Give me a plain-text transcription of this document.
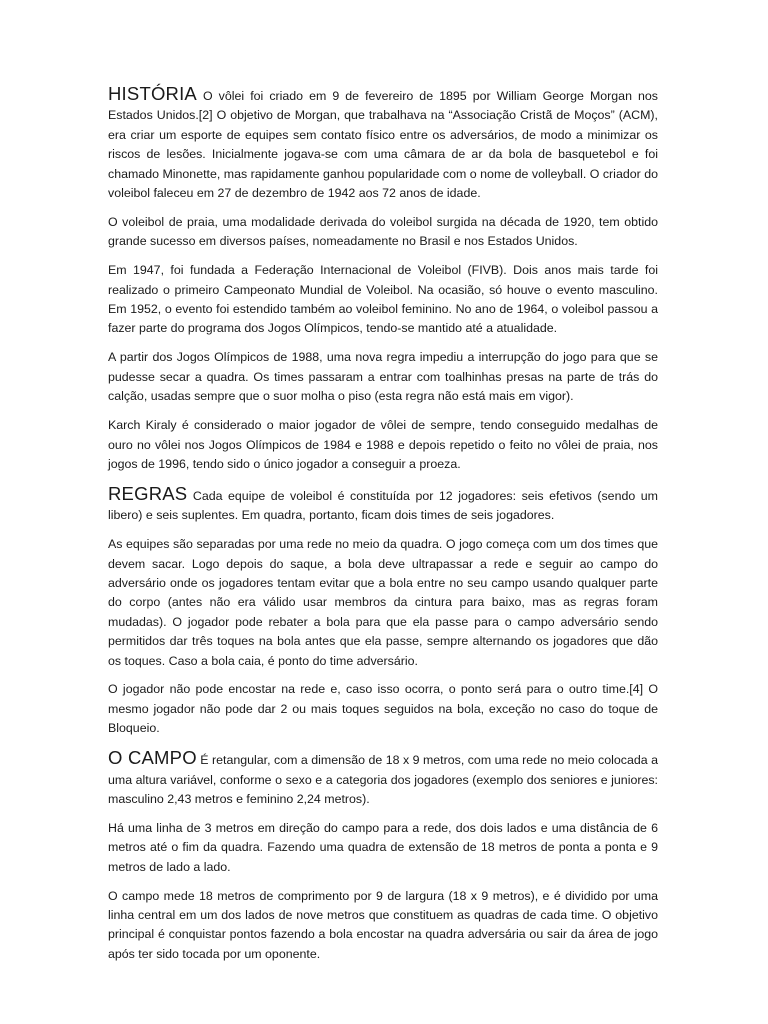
HISTÓRIA O vôlei foi criado em 9 de fevereiro de 1895 por William George Morgan nos Estados Unidos.[2] O objetivo de Morgan, que trabalhava na “Associação Cristã de Moços” (ACM), era criar um esporte de equipes sem contato físico entre os adversários, de modo a minimizar os riscos de lesões. Inicialmente jogava-se com uma câmara de ar da bola de basquetebol e foi chamado Minonette, mas rapidamente ganhou popularidade com o nome de volleyball. O criador do voleibol faleceu em 27 de dezembro de 1942 aos 72 anos de idade.

O voleibol de praia, uma modalidade derivada do voleibol surgida na década de 1920, tem obtido grande sucesso em diversos países, nomeadamente no Brasil e nos Estados Unidos.

Em 1947, foi fundada a Federação Internacional de Voleibol (FIVB). Dois anos mais tarde foi realizado o primeiro Campeonato Mundial de Voleibol. Na ocasião, só houve o evento masculino. Em 1952, o evento foi estendido também ao voleibol feminino. No ano de 1964, o voleibol passou a fazer parte do programa dos Jogos Olímpicos, tendo-se mantido até a atualidade.

A partir dos Jogos Olímpicos de 1988, uma nova regra impediu a interrupção do jogo para que se pudesse secar a quadra. Os times passaram a entrar com toalhinhas presas na parte de trás do calção, usadas sempre que o suor molha o piso (esta regra não está mais em vigor).

Karch Kiraly é considerado o maior jogador de vôlei de sempre, tendo conseguido medalhas de ouro no vôlei nos Jogos Olímpicos de 1984 e 1988 e depois repetido o feito no vôlei de praia, nos jogos de 1996, tendo sido o único jogador a conseguir a proeza.

REGRAS Cada equipe de voleibol é constituída por 12 jogadores: seis efetivos (sendo um libero) e seis suplentes. Em quadra, portanto, ficam dois times de seis jogadores.

As equipes são separadas por uma rede no meio da quadra. O jogo começa com um dos times que devem sacar. Logo depois do saque, a bola deve ultrapassar a rede e seguir ao campo do adversário onde os jogadores tentam evitar que a bola entre no seu campo usando qualquer parte do corpo (antes não era válido usar membros da cintura para baixo, mas as regras foram mudadas). O jogador pode rebater a bola para que ela passe para o campo adversário sendo permitidos dar três toques na bola antes que ela passe, sempre alternando os jogadores que dão os toques. Caso a bola caia, é ponto do time adversário.

O jogador não pode encostar na rede e, caso isso ocorra, o ponto será para o outro time.[4] O mesmo jogador não pode dar 2 ou mais toques seguidos na bola, exceção no caso do toque de Bloqueio.

O CAMPO É retangular, com a dimensão de 18 x 9 metros, com uma rede no meio colocada a uma altura variável, conforme o sexo e a categoria dos jogadores (exemplo dos seniores e juniores: masculino 2,43 metros e feminino 2,24 metros).

Há uma linha de 3 metros em direção do campo para a rede, dos dois lados e uma distância de 6 metros até o fim da quadra. Fazendo uma quadra de extensão de 18 metros de ponta a ponta e 9 metros de lado a lado.

O campo mede 18 metros de comprimento por 9 de largura (18 x 9 metros), e é dividido por uma linha central em um dos lados de nove metros que constituem as quadras de cada time. O objetivo principal é conquistar pontos fazendo a bola encostar na quadra adversária ou sair da área de jogo após ter sido tocada por um oponente.
